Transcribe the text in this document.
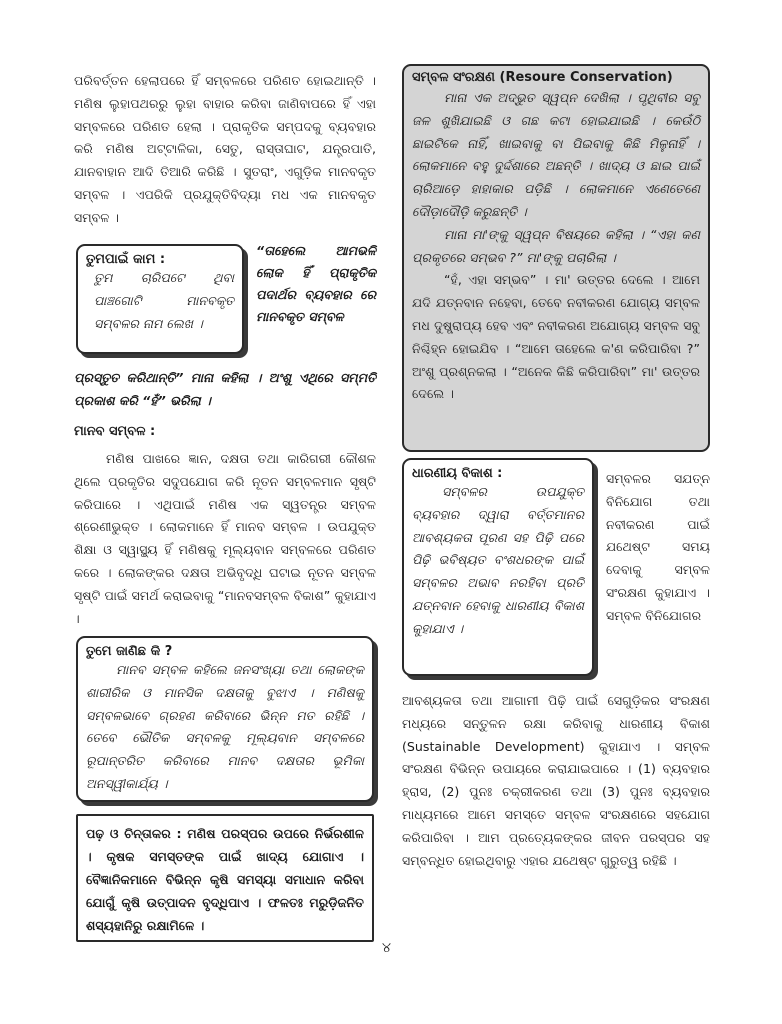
ପରିବର୍ତ୍ତନ ହେଲାପରେ ହିଁ ସମ୍ବଳରେ ପରିଣତ ହୋଇଥାନ୍ତି । ମଣିଷ ଲୁହାପଥରରୁ ଲୁହା ବାହାର କରିବା ଜାଣିବାପରେ ହିଁ ଏହା ସମ୍ବଳରେ ପରିଣତ ହେଲା । ପ୍ରାକୃତିକ ସମ୍ପଦକୁ ବ୍ୟବହାର କରି ମଣିଷ ଅଟ୍ଟାଳିକା, ସେତୁ, ରାସ୍ତାଘାଟ, ଯନ୍ତ୍ରପାତି, ଯାନବାହାନ ଆଦି ତିଆରି କରିଛି । ସୁତରାଂ, ଏଗୁଡ଼ିକ ମାନବକୃତ ସମ୍ବଳ । ଏପରିକି ପ୍ରଯୁକ୍ତିବିଦ୍ୟା ମଧ ଏକ ମାନବକୃତ ସମ୍ବଳ ।

ତୁମପାଇଁ କାମ :

ତୁମ ଚାରିପଟେ ଥିବା ପାଞ୍ଚଗୋଟି ମାନବକୃତ ସମ୍ବଳର ନାମ ଲେଖ ।

“ତାହେଲେ ଆମଭଳି ଲୋକ ହିଁ ପ୍ରାକୃତିକ ପଦାର୍ଥର ବ୍ୟବହାର ରେ ମାନବକୃତ ସମ୍ବଳ

ପ୍ରସ୍ତୁତ କରିଥାନ୍ତି” ମାନା କହିଲା । ଅଂଶୁ ଏଥିରେ ସମ୍ମତି ପ୍ରକାଶ କରି “ହଁ” ଭରିଲା ।

ମାନବ ସମ୍ବଳ :

ମଣିଷ ପାଖରେ ଜ୍ଞାନ, ଦକ୍ଷତା ତଥା କାରିଗରୀ କୌଶଳ ଥିଲେ ପ୍ରକୃତିର ସଦୁପଯୋଗ କରି ନୂତନ ସମ୍ବଳମାନ ସୃଷ୍ଟି କରିପାରେ । ଏଥିପାଇଁ ମଣିଷ ଏକ ସ୍ୱତନ୍ତ୍ର ସମ୍ବଳ ଶ୍ରେଣୀଭୁକ୍ତ । ଲୋକମାନେ ହିଁ ମାନବ ସମ୍ବଳ । ଉପଯୁକ୍ତ ଶିକ୍ଷା ଓ ସ୍ୱାସ୍ଥ୍ୟ ହିଁ ମଣିଷକୁ ମୂଲ୍ୟବାନ ସମ୍ବଳରେ ପରିଣତ କରେ । ଲୋକଙ୍କର ଦକ୍ଷତା ଅଭିବୃଦ୍ଧି ଘଟାଇ ନୂତନ ସମ୍ବଳ ସୃଷ୍ଟି ପାଇଁ ସମର୍ଥ କରାଇବାକୁ “ମାନବସମ୍ବଳ ବିକାଶ” କୁହାଯାଏ ।

ତୁମେ ଜାଣିଛ କି ?

ମାନବ ସମ୍ବଳ କହିଲେ ଜନସଂଖ୍ୟା ତଥା ଲୋକଙ୍କ ଶାରୀରିକ ଓ ମାନସିକ ଦକ୍ଷତାକୁ ବୁଝାଏ । ମଣିଷକୁ ସମ୍ବଳଭାବେ ଗ୍ରହଣ କରିବାରେ ଭିନ୍ନ ମତ ରହିଛି । ତେବେ ଭୌତିକ ସମ୍ବଳକୁ ମୂଲ୍ୟବାନ ସମ୍ବଳରେ ରୂପାନ୍ତରିତ କରିବାରେ ମାନବ ଦକ୍ଷତାର ଭୂମିକା ଅନସ୍ୱୀକାର୍ଯ୍ୟ ।

ପଢ଼ ଓ ଚିନ୍ତାକର : ମଣିଷ ପରସ୍ପର ଉପରେ ନିର୍ଭରଶୀଳ । କୃଷକ ସମସ୍ତଙ୍କ ପାଇଁ ଖାଦ୍ୟ ଯୋଗାଏ । ବୈଜ୍ଞାନିକମାନେ ବିଭିନ୍ନ କୃଷି ସମସ୍ୟା ସମାଧାନ କରିବା ଯୋଗୁଁ କୃଷି ଉତ୍ପାଦନ ବୃଦ୍ଧିପାଏ । ଫଳତଃ ମରୁଡ଼ିଜନିତ ଶସ୍ୟହାନିରୁ ରକ୍ଷାମିଳେ ।

ସମ୍ବଳ ସଂରକ୍ଷଣ (Resoure Conservation)

ମାନା ଏକ ଅଦ୍ଭୁତ ସ୍ୱପ୍ନ ଦେଖିଲା । ପୃଥିବୀର ସବୁ ଜଳ ଶୁଖିଯାଇଛି ଓ ଗଛ କଟା ହୋଇଯାଇଛି । କେଉଁଠି ଛାଇଟିକେ ନାହିଁ, ଖାଇବାକୁ ବା ପିଇବାକୁ କିଛି ମିଳୁନାହିଁ । ଲୋକମାନେ ବହୁ ଦୁର୍ଦ୍ଦଶାରେ ଅଛନ୍ତି । ଖାଦ୍ୟ ଓ ଛାଇ ପାଇଁ ଚାରିଆଡ଼େ ହାହାକାର ପଡ଼ିଛି । ଲୋକମାନେ ଏଣେତେଣେ ଦୌଡ଼ାଦୌଡ଼ି କରୁଛନ୍ତି ।

ମାନା ମା'ଙ୍କୁ ସ୍ୱପ୍ନ ବିଷୟରେ କହିଲା । “ଏହା କଣ ପ୍ରକୃତରେ ସମ୍ଭବ ?” ମା'ଙ୍କୁ ପଚାରିଲା ।

“ହଁ, ଏହା ସମ୍ଭବ” । ମା' ଉତ୍ତର ଦେଲେ । ଆମେ ଯଦି ଯତ୍ନବାନ ନହେବା, ତେବେ ନବୀକରଣ ଯୋଗ୍ୟ ସମ୍ବଳ ମଧ ଦୁଷ୍ପ୍ରାପ୍ୟ ହେବ ଏବଂ ନବୀକରଣ ଅଯୋଗ୍ୟ ସମ୍ବଳ ସବୁ ନିଶ୍ଚିହ୍ନ ହୋଇଯିବ । “ଆମେ ତାହେଲେ କ'ଣ କରିପାରିବା ?” ଅଂଶୁ ପ୍ରଶ୍ନକଲା । “ଅନେକ କିଛି କରିପାରିବା” ମା' ଉତ୍ତର ଦେଲେ ।

ଧାରଣୀୟ ବିକାଶ :

ସମ୍ବଳର ଉପଯୁକ୍ତ ବ୍ୟବହାର ଦ୍ୱାରା ବର୍ତ୍ତମାନର ଆବଶ୍ୟକତା ପୂରଣ ସହ ପିଢ଼ି ପରେ ପିଢ଼ି ଭବିଷ୍ୟତ ବଂଶଧରଙ୍କ ପାଇଁ ସମ୍ବଳର ଅଭାବ ନରହିବା ପ୍ରତି ଯତ୍ନବାନ ହେବାକୁ ଧାରଣୀୟ ବିକାଶ କୁହାଯାଏ ।

ସମ୍ବଳର ସଯତ୍ନ ବିନିଯୋଗ ତଥା ନବୀକରଣ ପାଇଁ ଯଥେଷ୍ଟ ସମୟ ଦେବାକୁ ସମ୍ବଳ ସଂରକ୍ଷଣ କୁହାଯାଏ । ସମ୍ବଳ ବିନିଯୋଗର

ଆବଶ୍ୟକତା ତଥା ଆଗାମୀ ପିଢ଼ି ପାଇଁ ସେଗୁଡ଼ିକର ସଂରକ୍ଷଣ ମଧ୍ୟରେ ସନ୍ତୁଳନ ରକ୍ଷା କରିବାକୁ ଧାରଣୀୟ ବିକାଶ (Sustainable Development) କୁହାଯାଏ । ସମ୍ବଳ ସଂରକ୍ଷଣ ବିଭିନ୍ନ ଉପାୟରେ କରାଯାଇପାରେ । (1) ବ୍ୟବହାର ହ୍ରାସ, (2) ପୁନଃ ଚକ୍ରୀକରଣ ତଥା (3) ପୁନଃ ବ୍ୟବହାର ମାଧ୍ୟମରେ ଆମେ ସମସ୍ତେ ସମ୍ବଳ ସଂରକ୍ଷଣରେ ସହଯୋଗ କରିପାରିବା । ଆମ ପ୍ରତ୍ୟେକଙ୍କର ଜୀବନ ପରସ୍ପର ସହ ସମ୍ବନ୍ଧିତ ହୋଇଥିବାରୁ ଏହାର ଯଥେଷ୍ଟ ଗୁରୁତ୍ୱ ରହିଛି ।

୪
